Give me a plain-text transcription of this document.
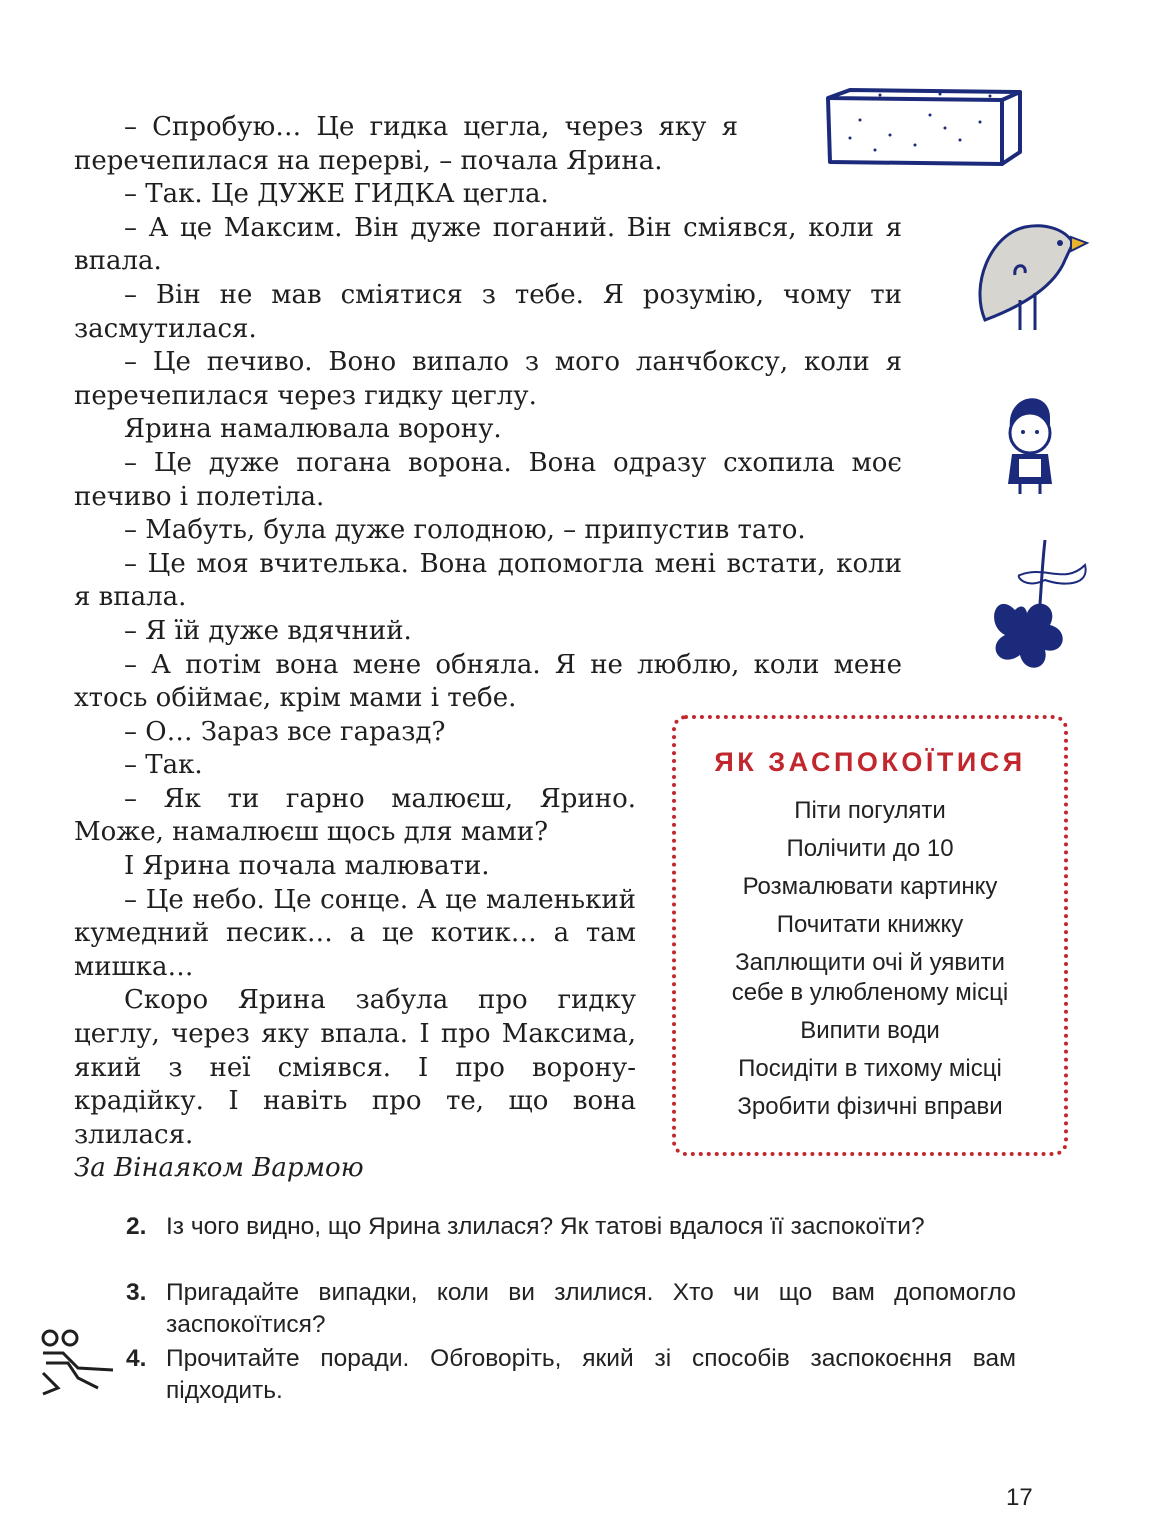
– Спробую… Це гидка цегла, через яку я перечепилася на перерві, – почала Ярина.

– Так. Це ДУЖЕ ГИДКА цегла.

– А це Максим. Він дуже поганий. Він сміявся, коли я впала.

– Він не мав сміятися з тебе. Я розумію, чому ти засмутилася.

– Це печиво. Воно випало з мого ланчбоксу, коли я перечепилася через гидку цеглу.

Ярина намалювала ворону.

– Це дуже погана ворона. Вона одразу схопила моє печиво і полетіла.

– Мабуть, була дуже голодною, – припустив тато.

– Це моя вчителька. Вона допомогла мені встати, коли я впала.

– Я їй дуже вдячний.

– А потім вона мене обняла. Я не люблю, коли мене хтось обіймає, крім мами і тебе.

– О… Зараз все гаразд?

– Так.

– Як ти гарно малюєш, Ярино. Може, намалюєш щось для мами?

І Ярина почала малювати.

– Це небо. Це сонце. А це маленький кумедний песик… а це котик… а там мишка…

Скоро Ярина забула про гидку цеглу, через яку впала. І про Максима, який з неї сміявся. І про ворону-крадійку. І навіть про те, що вона злилася.

За Вінаяком Вармою

ЯК ЗАСПОКОЇТИСЯ
Піти погуляти
Полічити до 10
Розмалювати картинку
Почитати книжку
Заплющити очі й уявити себе в улюбленому місці
Випити води
Посидіти в тихому місці
Зробити фізичні вправи
2. Із чого видно, що Ярина злилася? Як татові вдалося її заспокоїти?
3. Пригадайте випадки, коли ви злилися. Хто чи що вам допомогло заспокоїтися?
4. Прочитайте поради. Обговоріть, який зі способів заспокоєння вам підходить.
17
